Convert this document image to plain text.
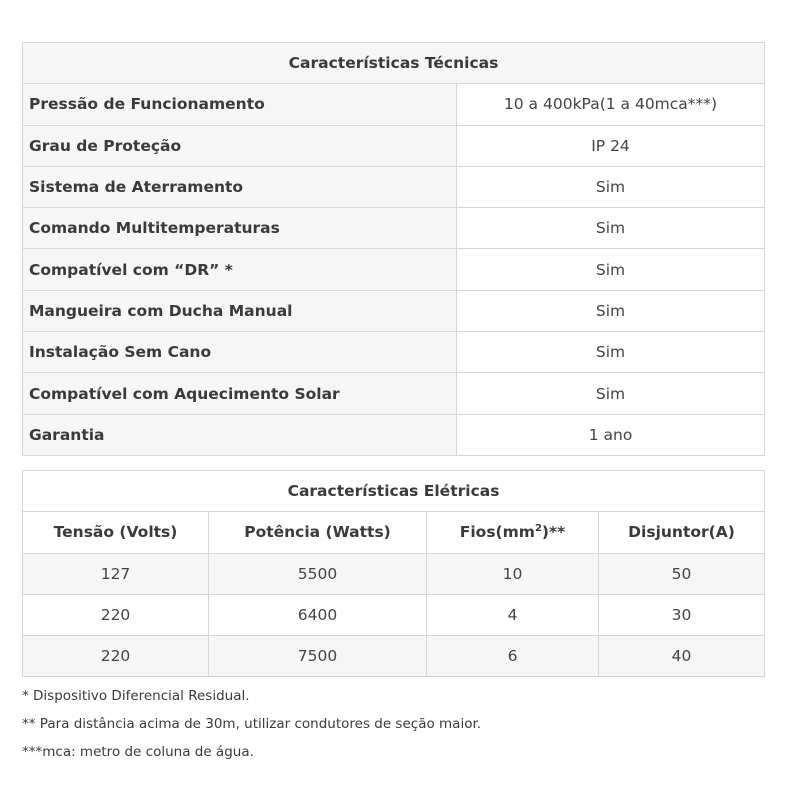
Características Técnicas	
Pressão de Funcionamento	10 a 400kPa(1 a 40mca***)
Grau de Proteção	IP 24
Sistema de Aterramento	Sim
Comando Multitemperaturas	Sim
Compatível com “DR” *	Sim
Mangueira com Ducha Manual	Sim
Instalação Sem Cano	Sim
Compatível com Aquecimento Solar	Sim
Garantia	1 ano
Características Elétricas			
Tensão (Volts)	Potência (Watts)	$Fios(mm^2)**$	Disjuntor(A)
127	5500	10	50
220	6400	4	30
220	7500	6	40
* Dispositivo Diferencial Residual.
** Para distância acima de 30m, utilizar condutores de seção maior.
***mca: metro de coluna de água.
